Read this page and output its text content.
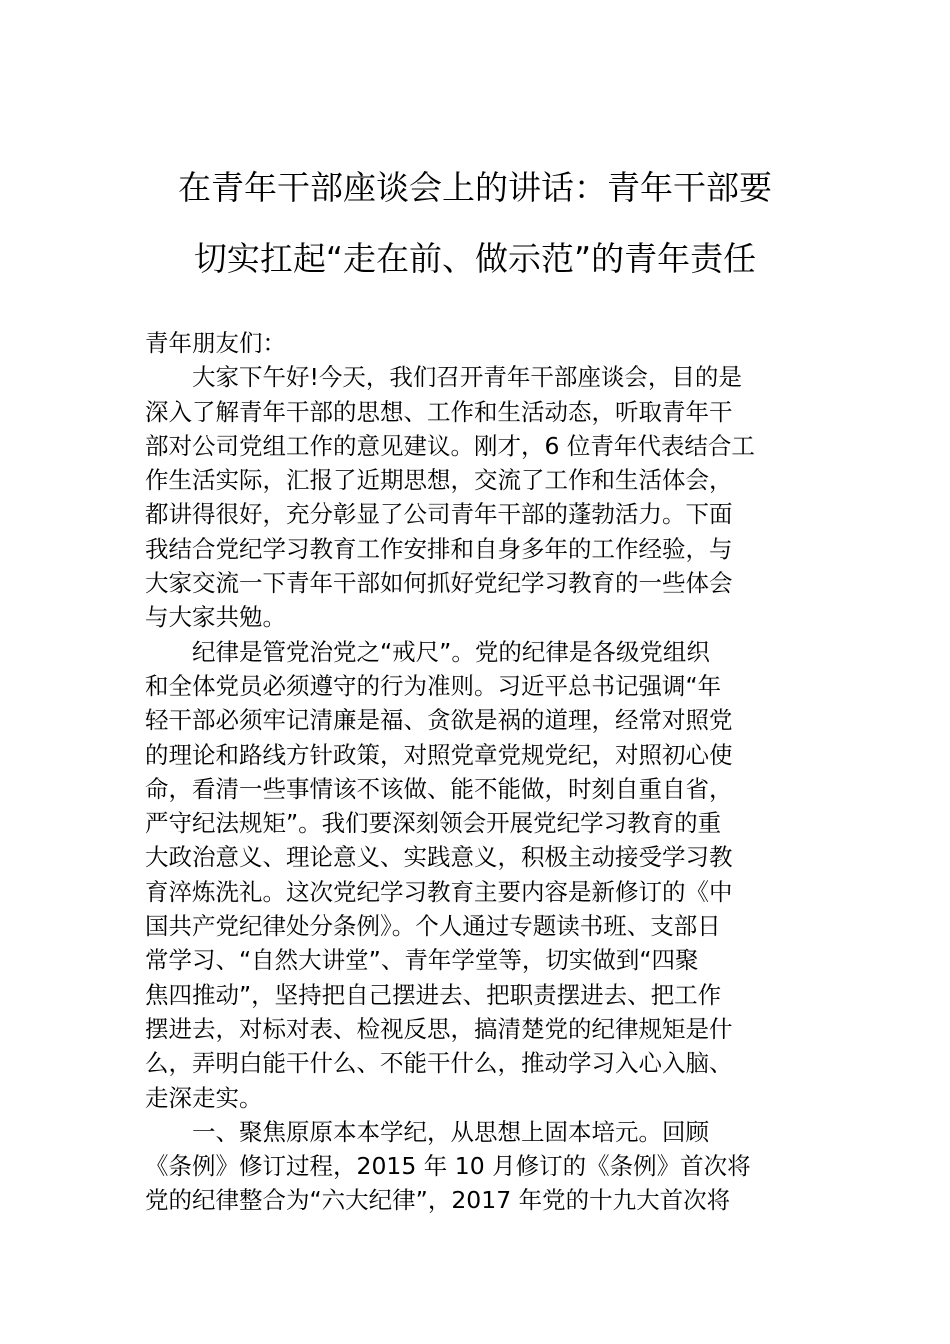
在青年干部座谈会上的讲话：青年干部要
切实扛起“走在前、做示范”的青年责任
青年朋友们：
大家下午好!今天，我们召开青年干部座谈会，目的是
深入了解青年干部的思想、工作和生活动态，听取青年干
部对公司党组工作的意见建议。刚才，6 位青年代表结合工
作生活实际，汇报了近期思想，交流了工作和生活体会，
都讲得很好，充分彰显了公司青年干部的蓬勃活力。下面
我结合党纪学习教育工作安排和自身多年的工作经验，与
大家交流一下青年干部如何抓好党纪学习教育的一些体会
与大家共勉。
纪律是管党治党之“戒尺”。党的纪律是各级党组织
和全体党员必须遵守的行为准则。习近平总书记强调“年
轻干部必须牢记清廉是福、贪欲是祸的道理，经常对照党
的理论和路线方针政策，对照党章党规党纪，对照初心使
命，看清一些事情该不该做、能不能做，时刻自重自省，
严守纪法规矩”。我们要深刻领会开展党纪学习教育的重
大政治意义、理论意义、实践意义，积极主动接受学习教
育淬炼洗礼。这次党纪学习教育主要内容是新修订的《中
国共产党纪律处分条例》。个人通过专题读书班、支部日
常学习、“自然大讲堂”、青年学堂等，切实做到“四聚
焦四推动”，坚持把自己摆进去、把职责摆进去、把工作
摆进去，对标对表、检视反思，搞清楚党的纪律规矩是什
么，弄明白能干什么、不能干什么，推动学习入心入脑、
走深走实。
一、聚焦原原本本学纪，从思想上固本培元。回顾
《条例》修订过程，2015 年 10 月修订的《条例》首次将
党的纪律整合为“六大纪律”，2017 年党的十九大首次将
